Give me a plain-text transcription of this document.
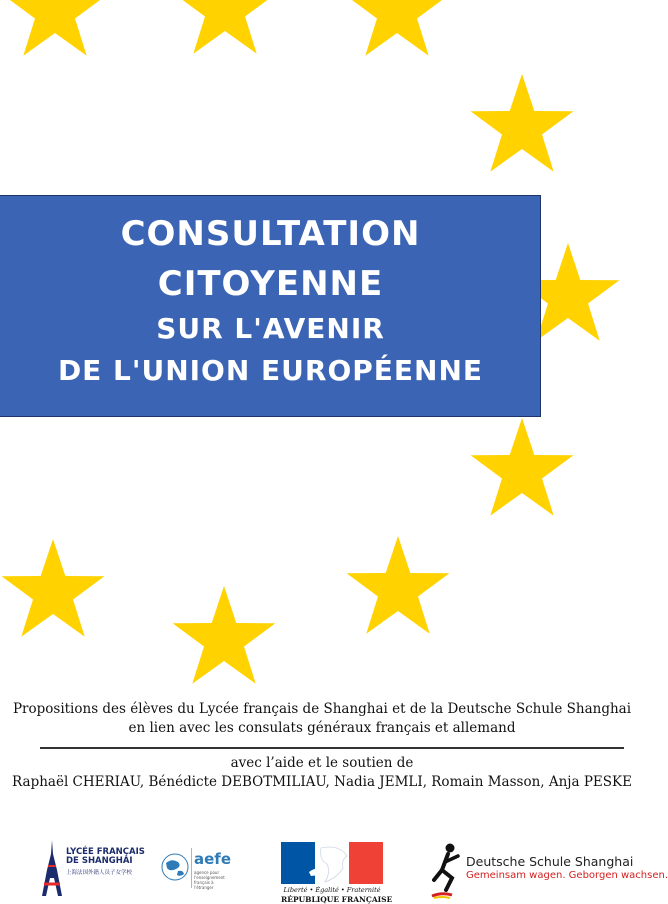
CONSULTATION
CITOYENNE
SUR L'AVENIR
DE L'UNION EUROPÉENNE
Propositions des élèves du Lycée français de Shanghai et de la Deutsche Schule Shanghai
en lien avec les consulats généraux français et allemand
avec l’aide et le soutien de
Raphaël CHERIAU, Bénédicte DEBOTMILIAU, Nadia JEMLI, Romain Masson, Anja PESKE
LYCÉE FRANÇAIS DE SHANGHAI
上海法国外籍人员子女学校
aefe
agence pour l'enseignement français à l'étranger	Liberté • Égalité • Fraternité
RÉPUBLIQUE FRANÇAISE
Deutsche Schule Shanghai
Gemeinsam wagen. Geborgen wachsen.
